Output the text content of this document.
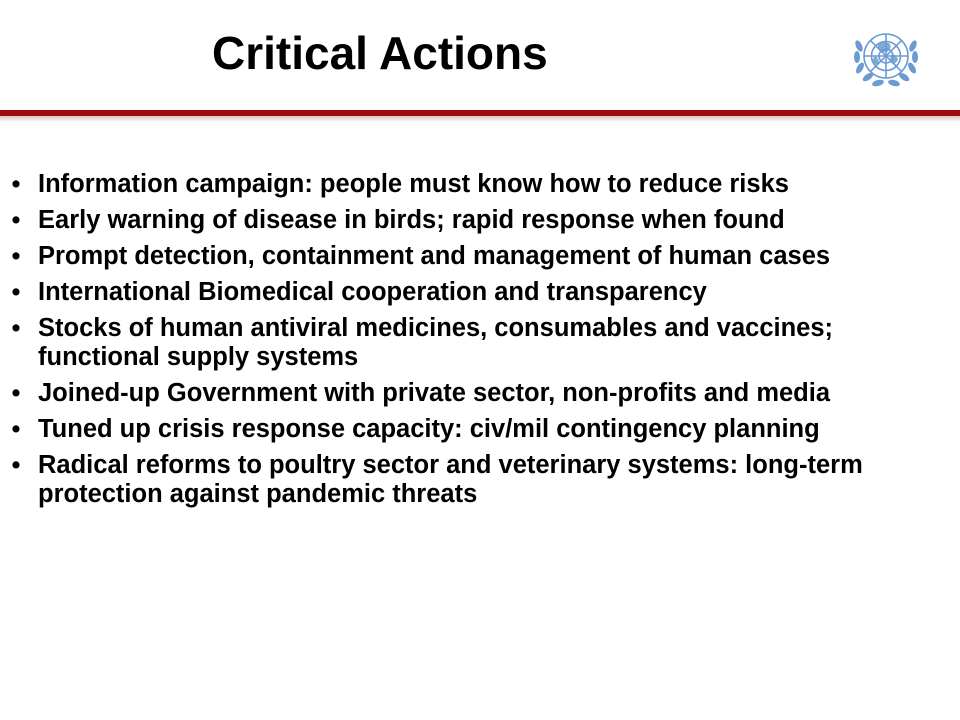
Critical Actions
• Information campaign: people must know how to reduce risks
• Early warning of disease in birds; rapid response when found
• Prompt detection, containment and management of human cases
• International Biomedical cooperation and transparency
• Stocks of human antiviral medicines, consumables and vaccines; functional supply systems
• Joined-up Government with private sector, non-profits and media
• Tuned up crisis response capacity: civ/mil contingency planning
• Radical reforms to poultry sector and veterinary systems: long-term protection against pandemic threats
